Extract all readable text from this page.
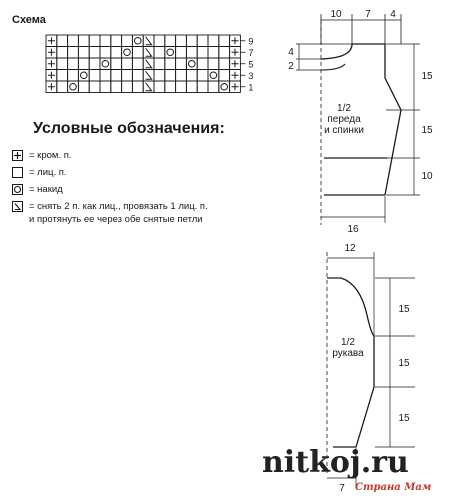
Схема
9
7
5
3
1
10 7 4
4
2
15
15
10
16
1/2
переда
и спинки
12
15
15
15
7
1/2
рукава
Условные обозначения:
= кром. п.
= лиц. п.
= накид
= снять 2 п. как лиц., провязать 1 лиц. п.
и протянуть ее через обе снятые петли
nitkoj.ru
Страна Мам
